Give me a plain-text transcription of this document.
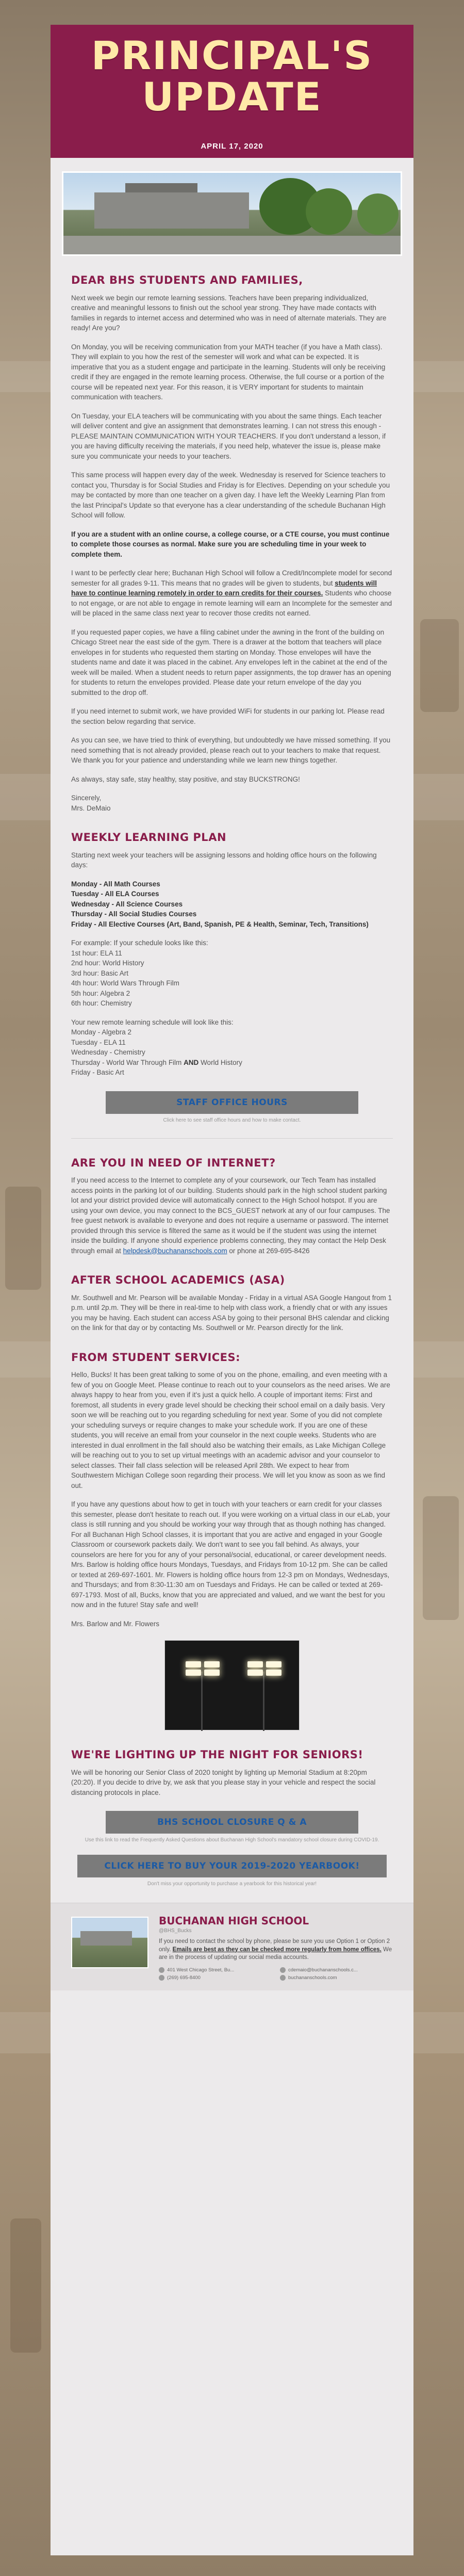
PRINCIPAL'S
UPDATE
APRIL 17, 2020
DEAR BHS STUDENTS AND FAMILIES,

Next week we begin our remote learning sessions. Teachers have been preparing individualized, creative and meaningful lessons to finish out the school year strong. They have made contacts with families in regards to internet access and determined who was in need of alternate materials. They are ready! Are you?

On Monday, you will be receiving communication from your MATH teacher (if you have a Math class). They will explain to you how the rest of the semester will work and what can be expected. It is imperative that you as a student engage and participate in the learning. Students will only be receiving credit if they are engaged in the remote learning process. Otherwise, the full course or a portion of the course will be repeated next year. For this reason, it is VERY important for students to maintain communication with teachers.

On Tuesday, your ELA teachers will be communicating with you about the same things. Each teacher will deliver content and give an assignment that demonstrates learning. I can not stress this enough - PLEASE MAINTAIN COMMUNICATION WITH YOUR TEACHERS. If you don't understand a lesson, if you are having difficulty receiving the materials, if you need help, whatever the issue is, please make sure you communicate your needs to your teachers.

This same process will happen every day of the week. Wednesday is reserved for Science teachers to contact you, Thursday is for Social Studies and Friday is for Electives. Depending on your schedule you may be contacted by more than one teacher on a given day. I have left the Weekly Learning Plan from the last Principal's Update so that everyone has a clear understanding of the schedule Buchanan High School will follow.

If you are a student with an online course, a college course, or a CTE course, you must continue to complete those courses as normal. Make sure you are scheduling time in your week to complete them.

I want to be perfectly clear here; Buchanan High School will follow a Credit/Incomplete model for second semester for all grades 9-11. This means that no grades will be given to students, but students will have to continue learning remotely in order to earn credits for their courses. Students who choose to not engage, or are not able to engage in remote learning will earn an Incomplete for the semester and will be placed in the same class next year to recover those credits not earned.

If you requested paper copies, we have a filing cabinet under the awning in the front of the building on Chicago Street near the east side of the gym. There is a drawer at the bottom that teachers will place envelopes in for students who requested them starting on Monday. Those envelopes will have the students name and date it was placed in the cabinet. Any envelopes left in the cabinet at the end of the week will be mailed. When a student needs to return paper assignments, the top drawer has an opening for students to return the envelopes provided. Please date your return envelope of the day you submitted to the drop off.

If you need internet to submit work, we have provided WiFi for students in our parking lot. Please read the section below regarding that service.

As you can see, we have tried to think of everything, but undoubtedly we have missed something. If you need something that is not already provided, please reach out to your teachers to make that request. We thank you for your patience and understanding while we learn new things together.

As always, stay safe, stay healthy, stay positive, and stay BUCKSTRONG!

Sincerely,
Mrs. DeMaio

WEEKLY LEARNING PLAN

Starting next week your teachers will be assigning lessons and holding office hours on the following days:

Monday - All Math Courses
Tuesday - All ELA Courses
Wednesday - All Science Courses
Thursday - All Social Studies Courses
Friday - All Elective Courses (Art, Band, Spanish, PE & Health, Seminar, Tech, Transitions)

For example: If your schedule looks like this:
1st hour: ELA 11
2nd hour: World History
3rd hour: Basic Art
4th hour: World Wars Through Film
5th hour: Algebra 2
6th hour: Chemistry

Your new remote learning schedule will look like this:
Monday - Algebra 2
Tuesday - ELA 11
Wednesday - Chemistry
Thursday - World War Through Film AND World History
Friday - Basic Art

STAFF OFFICE HOURS
Click here to see staff office hours and how to make contact.
ARE YOU IN NEED OF INTERNET?

If you need access to the Internet to complete any of your coursework, our Tech Team has installed access points in the parking lot of our building. Students should park in the high school student parking lot and your district provided device will automatically connect to the High School hotspot. If you are using your own device, you may connect to the BCS_GUEST network at any of our four campuses. The free guest network is available to everyone and does not require a username or password. The internet provided through this service is filtered the same as it would be if the student was using the internet inside the building. If anyone should experience problems connecting, they may contact the Help Desk through email at helpdesk@buchananschools.com or phone at 269-695-8426

AFTER SCHOOL ACADEMICS (ASA)

Mr. Southwell and Mr. Pearson will be available Monday - Friday in a virtual ASA Google Hangout from 1 p.m. until 2p.m. They will be there in real-time to help with class work, a friendly chat or with any issues you may be having. Each student can access ASA by going to their personal BHS calendar and clicking on the link for that day or by contacting Ms. Southwell or Mr. Pearson directly for the link.

FROM STUDENT SERVICES:

Hello, Bucks! It has been great talking to some of you on the phone, emailing, and even meeting with a few of you on Google Meet. Please continue to reach out to your counselors as the need arises. We are always happy to hear from you, even if it's just a quick hello. A couple of important items: First and foremost, all students in every grade level should be checking their school email on a daily basis. Very soon we will be reaching out to you regarding scheduling for next year. Some of you did not complete your scheduling surveys or require changes to make your schedule work. If you are one of these students, you will receive an email from your counselor in the next couple weeks. Students who are interested in dual enrollment in the fall should also be watching their emails, as Lake Michigan College will be reaching out to you to set up virtual meetings with an academic advisor and your counselor to select classes. Their fall class selection will be released April 28th. We expect to hear from Southwestern Michigan College soon regarding their process. We will let you know as soon as we find out.

If you have any questions about how to get in touch with your teachers or earn credit for your classes this semester, please don't hesitate to reach out. If you were working on a virtual class in our eLab, your class is still running and you should be working your way through that as though nothing has changed. For all Buchanan High School classes, it is important that you are active and engaged in your Google Classroom or coursework packets daily. We don't want to see you fall behind. As always, your counselors are here for you for any of your personal/social, educational, or career development needs. Mrs. Barlow is holding office hours Mondays, Tuesdays, and Fridays from 10-12 pm. She can be called or texted at 269-697-1601. Mr. Flowers is holding office hours from 12-3 pm on Mondays, Wednesdays, and Thursdays; and from 8:30-11:30 am on Tuesdays and Fridays. He can be called or texted at 269-697-1793. Most of all, Bucks, know that you are appreciated and valued, and we want the best for you now and in the future! Stay safe and well!

Mrs. Barlow and Mr. Flowers

WE'RE LIGHTING UP THE NIGHT FOR SENIORS!

We will be honoring our Senior Class of 2020 tonight by lighting up Memorial Stadium at 8:20pm (20:20). If you decide to drive by, we ask that you please stay in your vehicle and respect the social distancing protocols in place.

BHS SCHOOL CLOSURE Q & A
Use this link to read the Frequently Asked Questions about Buchanan High School's mandatory school closure during COVID-19.
CLICK HERE TO BUY YOUR 2019-2020 YEARBOOK!
Don't miss your opportunity to purchase a yearbook for this historical year!
BUCHANAN HIGH SCHOOL
@BHS_Bucks
If you need to contact the school by phone, please be sure you use Option 1 or Option 2 only. Emails are best as they can be checked more regularly from home offices. We are in the process of updating our social media accounts.
401 West Chicago Street, Bu...	cdemaio@buchananschools.c...
(269) 695-8400	buchananschools.com
